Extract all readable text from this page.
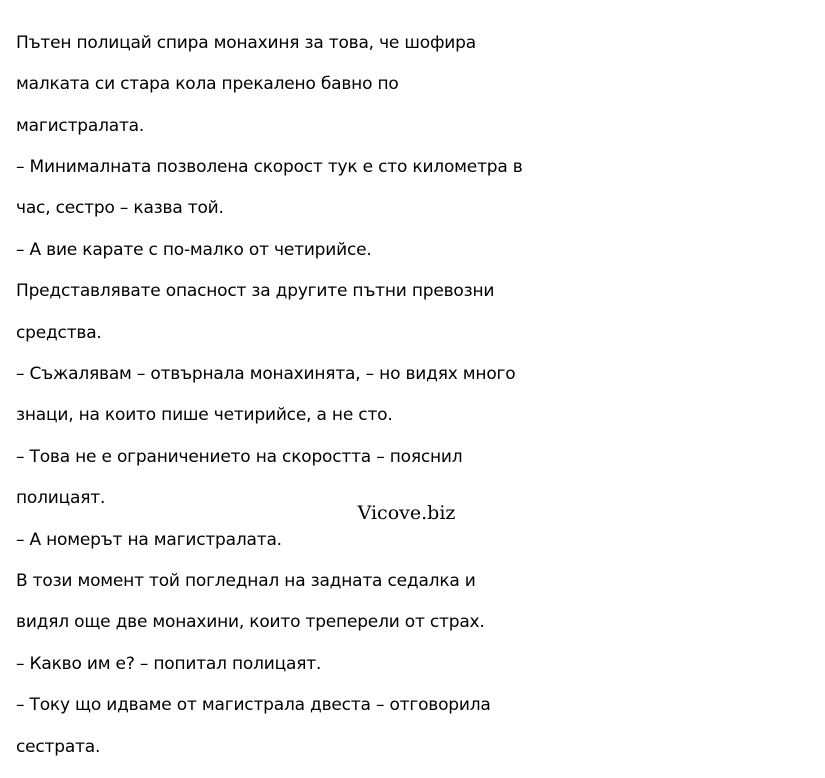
Пътен полицай спира монахиня за това, че шофира

малката си стара кола прекалено бавно по

магистралата.

– Минималната позволена скорост тук е сто километра в

час, сестро – казва той.

– А вие карате с по-малко от четирийсе.

Представлявате опасност за другите пътни превозни

средства.

– Съжалявам – отвърнала монахинята, – но видях много

знаци, на които пише четирийсе, а не сто.

– Това не е ограничението на скоростта – пояснил

полицаят.

– А номерът на магистралата.

В този момент той погледнал на задната седалка и

видял още две монахини, които треперели от страх.

– Какво им е? – попитал полицаят.

– Току що идваме от магистрала двеста – отговорила

сестрата.

Vicove.biz
